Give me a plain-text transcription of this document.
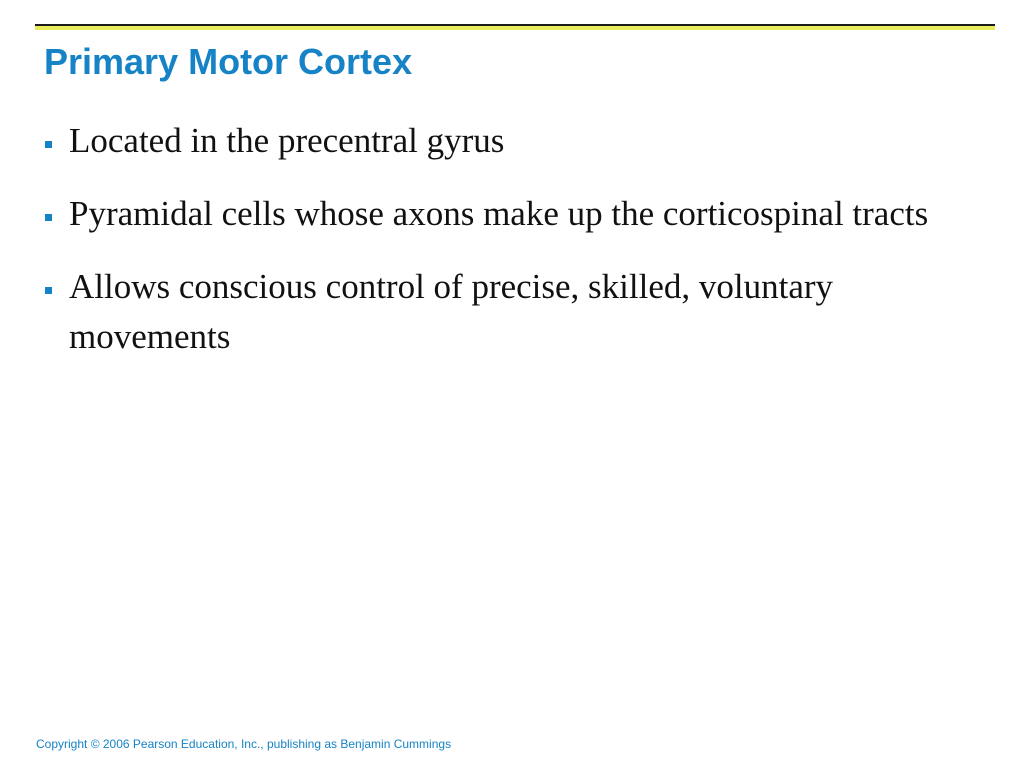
Primary Motor Cortex
Located in the precentral gyrus
Pyramidal cells whose axons make up the corticospinal tracts
Allows conscious control of precise, skilled, voluntary movements

Copyright © 2006 Pearson Education, Inc., publishing as Benjamin Cummings
